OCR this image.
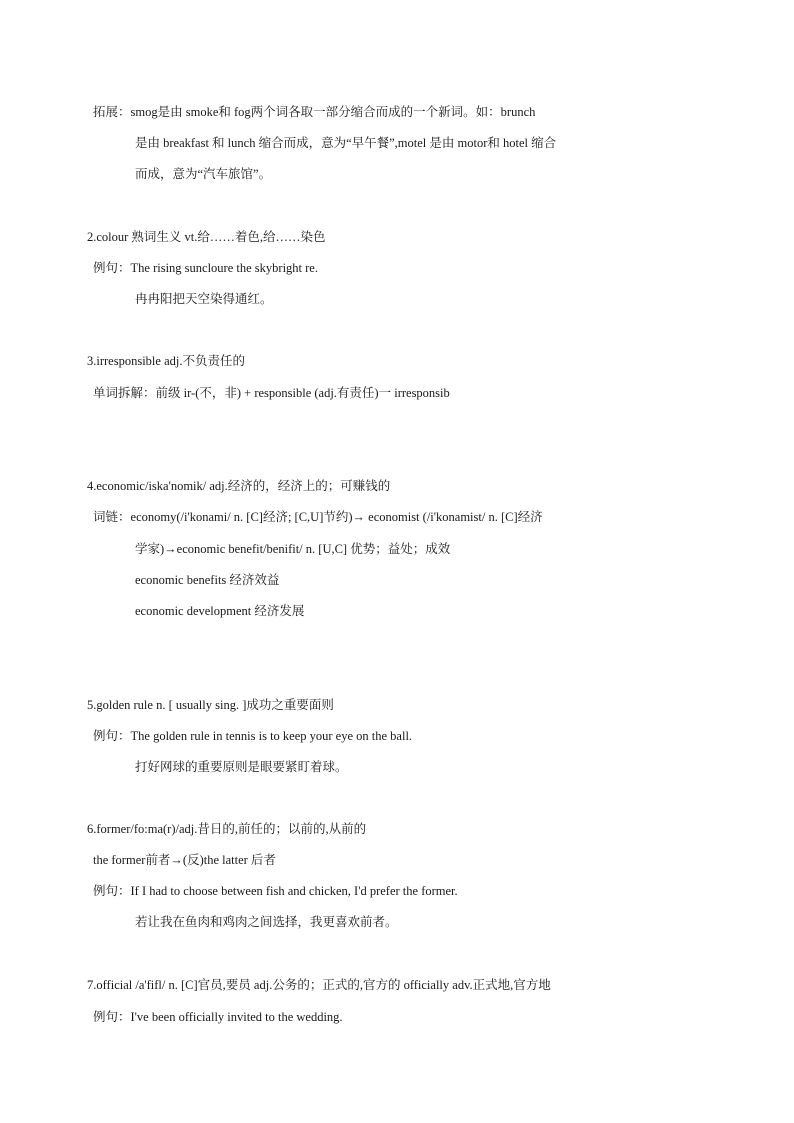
拓展：smog是由 smoke和 fog两个词各取一部分缩合而成的一个新词。如：brunch
是由 breakfast 和 lunch 缩合而成，意为“早午餐”,motel 是由 motor和 hotel 缩合
而成，意为“汽车旅馆”。
2.colour 熟词生义 vt.给……着色,给……染色
例句：The rising suncloure the skybright re.
冉冉阳把天空染得通红。
3.irresponsible adj.不负责任的
单词拆解：前级 ir-(不，非) + responsible (adj.有责任)一 irresponsib
4.economic/iska'nomik/ adj.经济的，经济上的；可赚钱的
词链：economy(/i'konami/ n. [C]经济; [C,U]节约)→ economist (/i'konamist/ n. [C]经济
学家)→economic benefit/benifit/ n. [U,C] 优势；益处；成效
economic benefits 经济效益
economic development 经济发展
5.golden rule n. [ usually sing. ]成功之重要面则
例句：The golden rule in tennis is to keep your eye on the ball.
打好网球的重要原则是眼要紧盯着球。
6.former/fo:ma(r)/adj.昔日的,前任的；以前的,从前的
the former前者→(反)the latter 后者
例句：If I had to choose between fish and chicken, I'd prefer the former.
若让我在鱼肉和鸡肉之间选择，我更喜欢前者。
7.official /a'fifl/ n. [C]官员,要员 adj.公务的；正式的,官方的 officially adv.正式地,官方地
例句：I've been officially invited to the wedding.
